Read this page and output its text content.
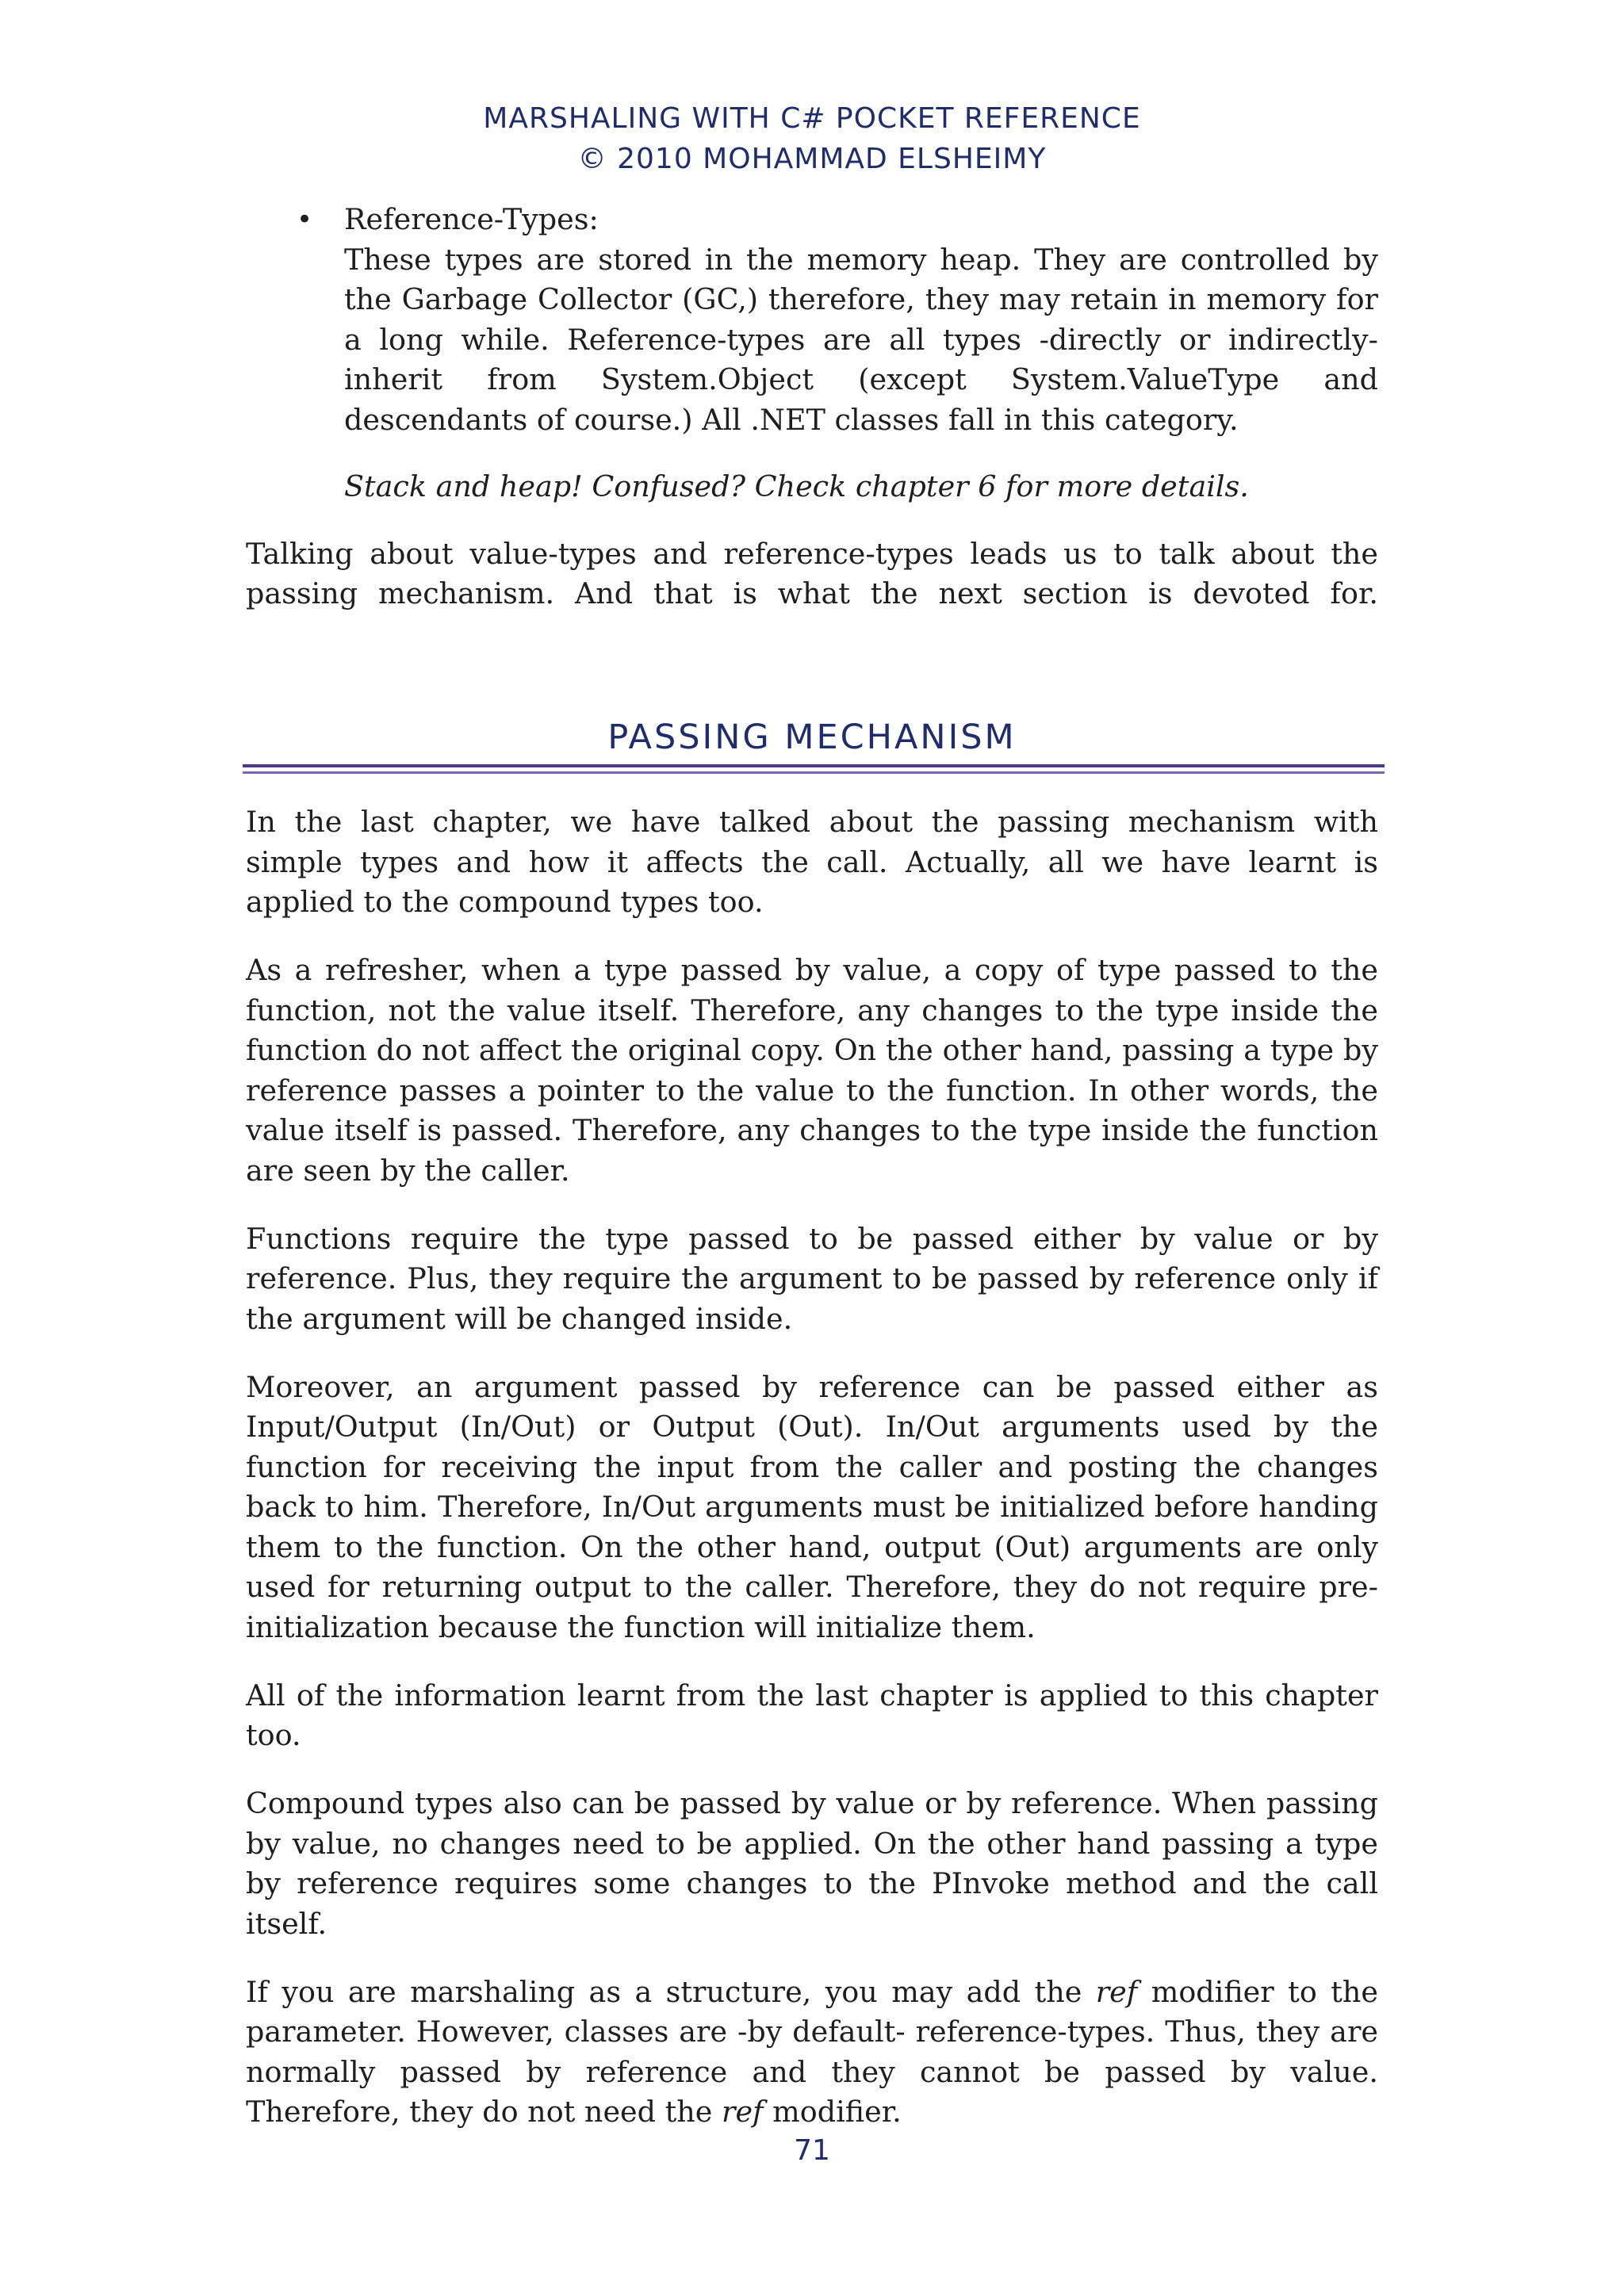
MARSHALING WITH C# POCKET REFERENCE
© 2010 MOHAMMAD ELSHEIMY
• Reference-Types:

These types are stored in the memory heap. They are controlled by the Garbage Collector (GC,) therefore, they may retain in memory for a long while. Reference-types are all types -directly or indirectly- inherit from System.Object (except System.ValueType and descendants of course.) All .NET classes fall in this category.

Stack and heap! Confused? Check chapter 6 for more details.

Talking about value-types and reference-types leads us to talk about the passing mechanism. And that is what the next section is devoted for.

PASSING MECHANISM

In the last chapter, we have talked about the passing mechanism with simple types and how it affects the call. Actually, all we have learnt is applied to the compound types too.

As a refresher, when a type passed by value, a copy of type passed to the function, not the value itself. Therefore, any changes to the type inside the function do not affect the original copy. On the other hand, passing a type by reference passes a pointer to the value to the function. In other words, the value itself is passed. Therefore, any changes to the type inside the function are seen by the caller.

Functions require the type passed to be passed either by value or by reference. Plus, they require the argument to be passed by reference only if the argument will be changed inside.

Moreover, an argument passed by reference can be passed either as Input/Output (In/Out) or Output (Out). In/Out arguments used by the function for receiving the input from the caller and posting the changes back to him. Therefore, In/Out arguments must be initialized before handing them to the function. On the other hand, output (Out) arguments are only used for returning output to the caller. Therefore, they do not require pre-initialization because the function will initialize them.

All of the information learnt from the last chapter is applied to this chapter too.

Compound types also can be passed by value or by reference. When passing by value, no changes need to be applied. On the other hand passing a type by reference requires some changes to the PInvoke method and the call itself.

If you are marshaling as a structure, you may add the ref modifier to the parameter. However, classes are -by default- reference-types. Thus, they are normally passed by reference and they cannot be passed by value. Therefore, they do not need the ref modifier.

71
